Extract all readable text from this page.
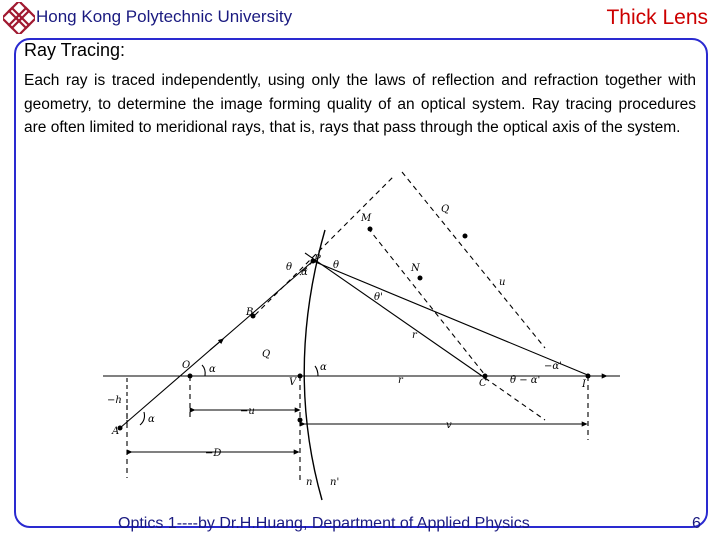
Hong Kong Polytechnic University	Thick Lens
Ray Tracing:
Each ray is traced independently, using only the laws of reflection and refraction together with geometry, to determine the image forming quality of an optical system. Ray tracing procedures are often limited to meridional rays, that is, rays that pass through the optical axis of the system.
M
Q
P
θ α
θ	N
u
θ'
B
r
Q
O α	α
V	r	C θ − α'
−α'
I
−h
α
A
−u
v
−D
n n'
Optics 1----by Dr.H.Huang, Department of Applied Physics	6
